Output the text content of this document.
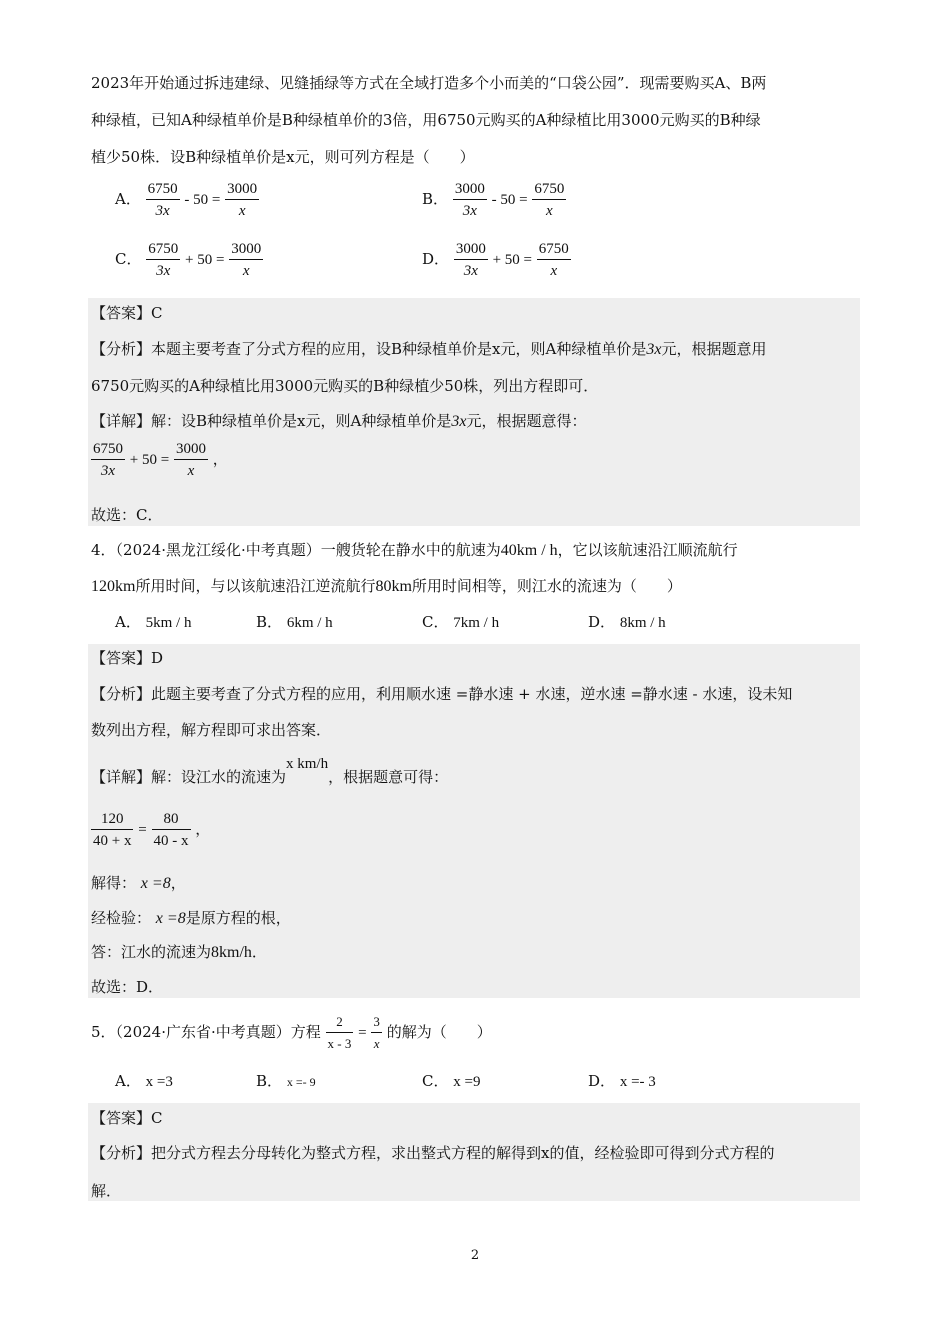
2023年开始通过拆违建绿、见缝插绿等方式在全域打造多个小而美的“口袋公园”．现需要购买A、B两
种绿植，已知A种绿植单价是B种绿植单价的3倍，用6750元购买的A种绿植比用3000元购买的B种绿
植少50株．设B种绿植单价是x元，则可列方程是（　　）
A． $\frac{6750}{3x} - 50 = \frac{3000}{x}$	B． $\frac{3000}{3x} - 50 = \frac{6750}{x}$
C． $\frac{6750}{3x} + 50 = \frac{3000}{x}$	D． $\frac{3000}{3x} + 50 = \frac{6750}{x}$
【答案】C
【分析】本题主要考查了分式方程的应用，设B种绿植单价是x元，则A种绿植单价是3x元，根据题意用
6750元购买的A种绿植比用3000元购买的B种绿植少50株，列出方程即可．
【详解】解：设B种绿植单价是x元，则A种绿植单价是3x元，根据题意得：
$\frac{6750}{3x} + 50 = \frac{3000}{x}$ ，
故选：C．
4．（2024·黑龙江绥化·中考真题）一艘货轮在静水中的航速为40km / h，它以该航速沿江顺流航行
120km所用时间，与以该航速沿江逆流航行80km所用时间相等，则江水的流速为（　　）
A． 5km / h	B． 6km / h	C． 7km / h	D． 8km / h
【答案】D
【分析】此题主要考查了分式方程的应用，利用顺水速 =静水速 + 水速，逆水速 =静水速 - 水速，设未知
数列出方程，解方程即可求出答案．
【详解】解：设江水的流速为x km/h，根据题意可得：
$\frac{120}{40 + x} = \frac{80}{40 - x}$ ，
解得： x =8，
经检验： x =8是原方程的根，
答：江水的流速为8km/h．
故选：D．
5．（2024·广东省·中考真题）方程 $\frac{2}{x - 3} = \frac{3}{x}$ 的解为（　　）
A． x =3	B． x =- 9	C． x =9	D． x =- 3
【答案】C
【分析】把分式方程去分母转化为整式方程，求出整式方程的解得到x的值，经检验即可得到分式方程的
解．
2
